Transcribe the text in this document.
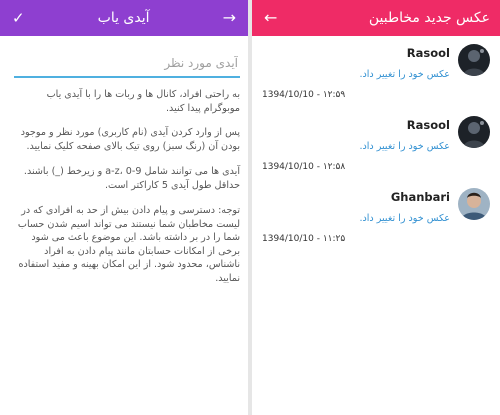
✓	آیدی یاب	→
آیدی مورد نظر

به راحتی افراد، کانال ها و ربات ها را با آیدی یاب موبوگرام پیدا کنید.

پس از وارد کردن آیدی (نام کاربری) مورد نظر و موجود بودن آن (رنگ سبز) روی تیک بالای صفحه کلیک نمایید.

آیدی ها می توانند شامل a-z، 0-9 و زیرخط (_) باشند. حداقل طول آیدی 5 کاراکتر است.

توجه: دسترسی و پیام دادن بیش از حد به افرادی که در لیست مخاطبان شما نیستند می تواند اسیم شدن حساب شما را در بر داشته باشد. این موضوع باعث می شود برخی از امکانات حسابتان مانند پیام دادن به افراد ناشناس، محدود شود. از این امکان بهینه و مفید استفاده نمایید.

←	عکس جدید مخاطبین
Rasool
عکس خود را تغییر داد.
1394/10/10 - ۱۲:۵۹
Rasool
عکس خود را تغییر داد.
1394/10/10 - ۱۲:۵۸
Ghanbari
عکس خود را تغییر داد.
1394/10/10 - ۱۱:۲۵
